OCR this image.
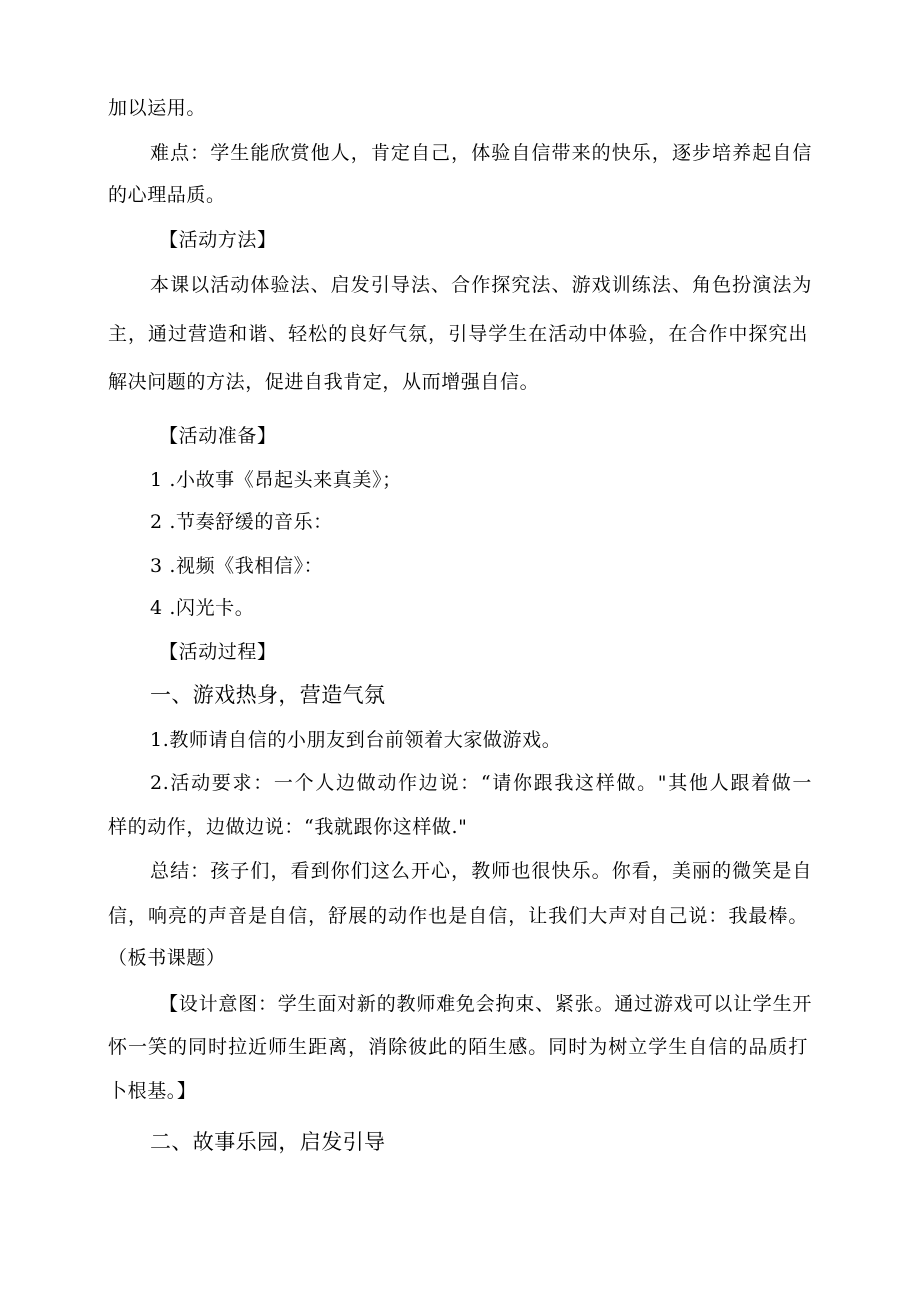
加以运用。
难点：学生能欣赏他人，肯定自己，体验自信带来的快乐，逐步培养起自信
的心理品质。
【活动方法】
本课以活动体验法、启发引导法、合作探究法、游戏训练法、角色扮演法为
主，通过营造和谐、轻松的良好气氛，引导学生在活动中体验，在合作中探究出
解决问题的方法，促进自我肯定，从而增强自信。
【活动准备】
1 .小故事《昂起头来真美》；
2 .节奏舒缓的音乐：
3 .视频《我相信》：
4 .闪光卡。
【活动过程】
一、游戏热身，营造气氛
1.教师请自信的小朋友到台前领着大家做游戏。
2.活动要求：一个人边做动作边说：“请你跟我这样做。"其他人跟着做一
样的动作，边做边说：“我就跟你这样做."
总结：孩子们，看到你们这么开心，教师也很快乐。你看，美丽的微笑是自
信，响亮的声音是自信，舒展的动作也是自信，让我们大声对自己说：我最棒。
（板书课题）
【设计意图：学生面对新的教师难免会拘束、紧张。通过游戏可以让学生开
怀一笑的同时拉近师生距离，消除彼此的陌生感。同时为树立学生自信的品质打
卜根基。】
二、故事乐园，启发引导
